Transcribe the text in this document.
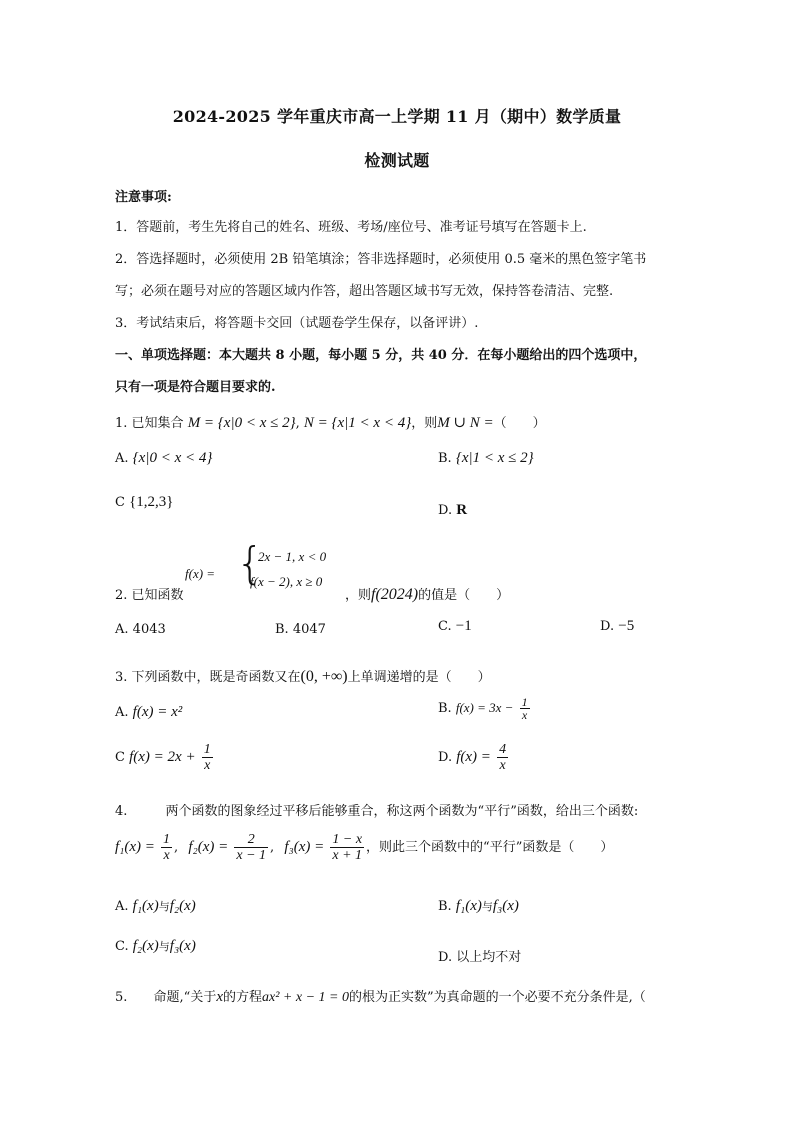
2024-2025 学年重庆市高一上学期 11 月（期中）数学质量
检测试题
注意事项:
1．答题前，考生先将自己的姓名、班级、考场/座位号、准考证号填写在答题卡上.
2．答选择题时，必须使用 2B 铅笔填涂；答非选择题时，必须使用 0.5 毫米的黑色签字笔书
写；必须在题号对应的答题区域内作答，超出答题区域书写无效，保持答卷清洁、完整.
3．考试结束后，将答题卡交回（试题卷学生保存，以备评讲）.
一、单项选择题：本大题共 8 小题，每小题 5 分，共 40 分．在每小题给出的四个选项中，
只有一项是符合题目要求的.
1. 已知集合 M = {x|0 < x ≤ 2}, N = {x|1 < x < 4}，则M ∪ N =（　　）
A. {x|0 < x < 4}	B. {x|1 < x ≤ 2}
C {1,2,3}
D. R
2. 已知函数
f(x) = {
2x − 1, x < 0
f(x − 2), x ≥ 0
，则f(2024)的值是（　　）
A. 4043	B. 4047	C. −1	D. −5
3. 下列函数中，既是奇函数又在(0, +∞)上单调递增的是（　　）
A. f(x) = x²	B. $f(x) = 3x - \frac{1}{x}$
C $f(x) = 2x + \frac{1}{x}$	D. $f(x) = \frac{4}{x}$
4.	两个函数的图象经过平移后能够重合，称这两个函数为“平行”函数，给出三个函数:
$f_1(x) = \frac{1}{x}$ , $f_2(x) = \frac{2}{x - 1}$ , $f_3(x) = \frac{1 - x}{x + 1}$ ，则此三个函数中的“平行”函数是（　　）
A. f₁(x)与f₂(x)	B. f₁(x)与f₃(x)
C. f₂(x)与f₃(x)
D. 以上均不对
5. 命题,“关于x的方程ax² + x − 1 = 0的根为正实数”为真命题的一个必要不充分条件是,（
